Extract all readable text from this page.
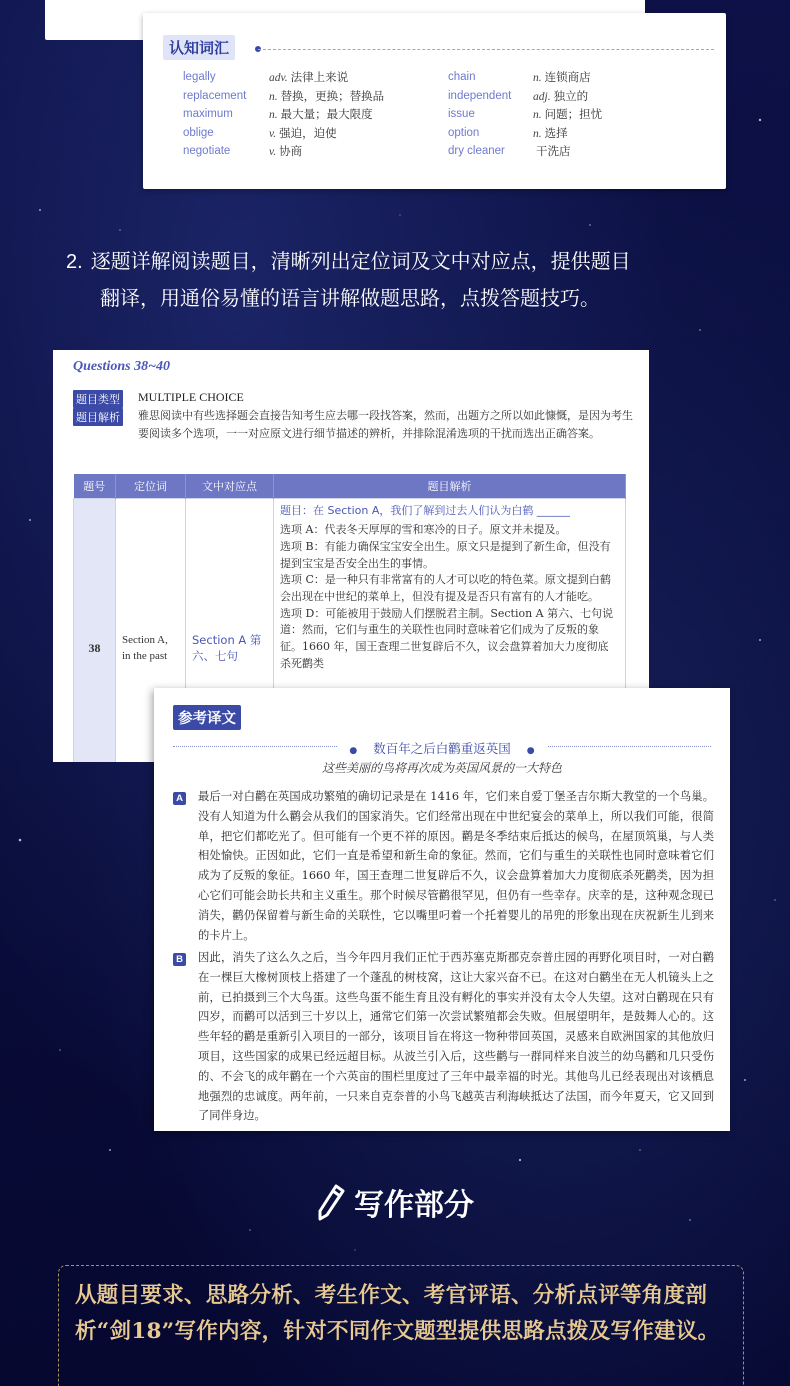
认知词汇
legally	adv. 法律上来说	chain	n. 连锁商店
replacement n. 替换，更换；替换品	independent adj. 独立的
maximum	n. 最大量；最大限度	issue	n. 问题；担忧
oblige	v. 强迫，迫使	option	n. 选择
negotiate	v. 协商	dry cleaner	干洗店
2. 逐题详解阅读题目，清晰列出定位词及文中对应点，提供题目
翻译，用通俗易懂的语言讲解做题思路，点拨答题技巧。
Questions 38~40
题目类型 MULTIPLE CHOICE
题目解析 雅思阅读中有些选择题会直接告知考生应去哪一段找答案，然而，出题方之所以如此慷慨，是因为考生要阅读多个选项，一一对应原文进行细节描述的辨析，并排除混淆选项的干扰而选出正确答案。
题号	定位词	文中对应点	题目解析
38	Section A, in the past	Section A 第六、七句	题目：在 Section A，我们了解到过去人们认为白鹤 ______
选项 A：代表冬天厚厚的雪和寒冷的日子。原文并未提及。
选项 B：有能力确保宝宝安全出生。原文只是提到了新生命，但没有提到宝宝是否安全出生的事情。
选项 C：是一种只有非常富有的人才可以吃的特色菜。原文提到白鹤会出现在中世纪的菜单上，但没有提及是否只有富有的人才能吃。
选项 D：可能被用于鼓励人们摆脱君主制。Section A 第六、七句说道：然而，它们与重生的关联性也同时意味着它们成为了反叛的象征。1660 年，国王查理二世复辟后不久，议会盘算着加大力度彻底杀死鹳类

参考译文
● 数百年之后白鹳重返英国 ●
这些美丽的鸟将再次成为英国风景的一大特色
A 最后一对白鹳在英国成功繁殖的确切记录是在 1416 年，它们来自爱丁堡圣吉尔斯大教堂的一个鸟巢。没有人知道为什么鹳会从我们的国家消失。它们经常出现在中世纪宴会的菜单上，所以我们可能，很简单，把它们都吃光了。但可能有一个更不祥的原因。鹳是冬季结束后抵达的候鸟，在屋顶筑巢，与人类相处愉快。正因如此，它们一直是希望和新生命的象征。然而，它们与重生的关联性也同时意味着它们成为了反叛的象征。1660 年，国王查理二世复辟后不久，议会盘算着加大力度彻底杀死鹳类，因为担心它们可能会助长共和主义重生。那个时候尽管鹳很罕见，但仍有一些幸存。庆幸的是，这种观念现已消失，鹳仍保留着与新生命的关联性，它以嘴里叼着一个托着婴儿的吊兜的形象出现在庆祝新生儿到来的卡片上。
B 因此，消失了这么久之后，当今年四月我们正忙于西苏塞克斯郡克奈普庄园的再野化项目时，一对白鹳在一棵巨大橡树顶枝上搭建了一个蓬乱的树枝窝，这让大家兴奋不已。在这对白鹳坐在无人机镜头上之前，已拍摄到三个大鸟蛋。这些鸟蛋不能生育且没有孵化的事实并没有太令人失望。这对白鹳现在只有四岁，而鹳可以活到三十岁以上，通常它们第一次尝试繁殖都会失败。但展望明年，是鼓舞人心的。这些年轻的鹳是重新引入项目的一部分，该项目旨在将这一物种带回英国，灵感来自欧洲国家的其他放归项目，这些国家的成果已经远超目标。从波兰引入后，这些鹳与一群同样来自波兰的幼鸟鹳和几只受伤的、不会飞的成年鹳在一个六英亩的围栏里度过了三年中最幸福的时光。其他鸟儿已经表现出对该栖息地强烈的忠诚度。两年前，一只来自克奈普的小鸟飞越英吉利海峡抵达了法国，而今年夏天，它又回到了同伴身边。
写作部分
从题目要求、思路分析、考生作文、考官评语、分析点评等角度剖析“剑18”写作内容，针对不同作文题型提供思路点拨及写作建议。
